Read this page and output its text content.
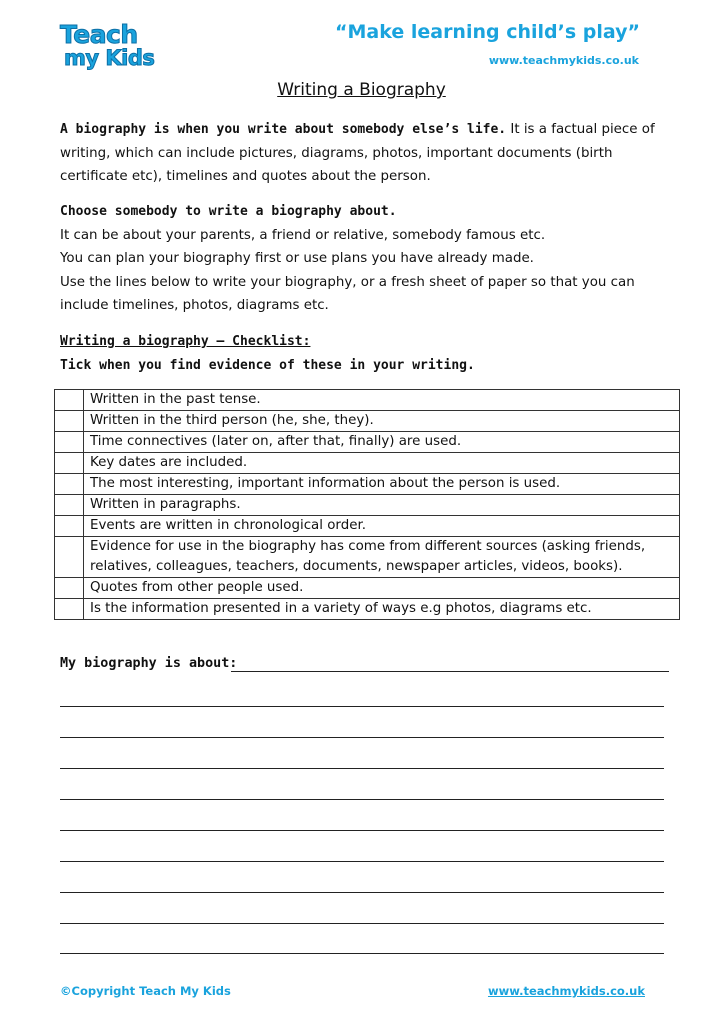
Teach
my Kids
“Make learning child’s play”
www.teachmykids.co.uk
Writing a Biography
A biography is when you write about somebody else’s life. It is a factual piece of writing, which can include pictures, diagrams, photos, important documents (birth certificate etc), timelines and quotes about the person.
Choose somebody to write a biography about.
It can be about your parents, a friend or relative, somebody famous etc.
You can plan your biography first or use plans you have already made.
Use the lines below to write your biography, or a fresh sheet of paper so that you can include timelines, photos, diagrams etc.
Writing a biography – Checklist:
Tick when you find evidence of these in your writing.
	Written in the past tense.
	Written in the third person (he, she, they).
	Time connectives (later on, after that, finally) are used.
	Key dates are included.
	The most interesting, important information about the person is used.
	Written in paragraphs.
	Events are written in chronological order.
	Evidence for use in the biography has come from different sources (asking friends, relatives, colleagues, teachers, documents, newspaper articles, videos, books).
	Quotes from other people used.
	Is the information presented in a variety of ways e.g photos, diagrams etc.
My biography is about:
©Copyright Teach My Kids	www.teachmykids.co.uk
